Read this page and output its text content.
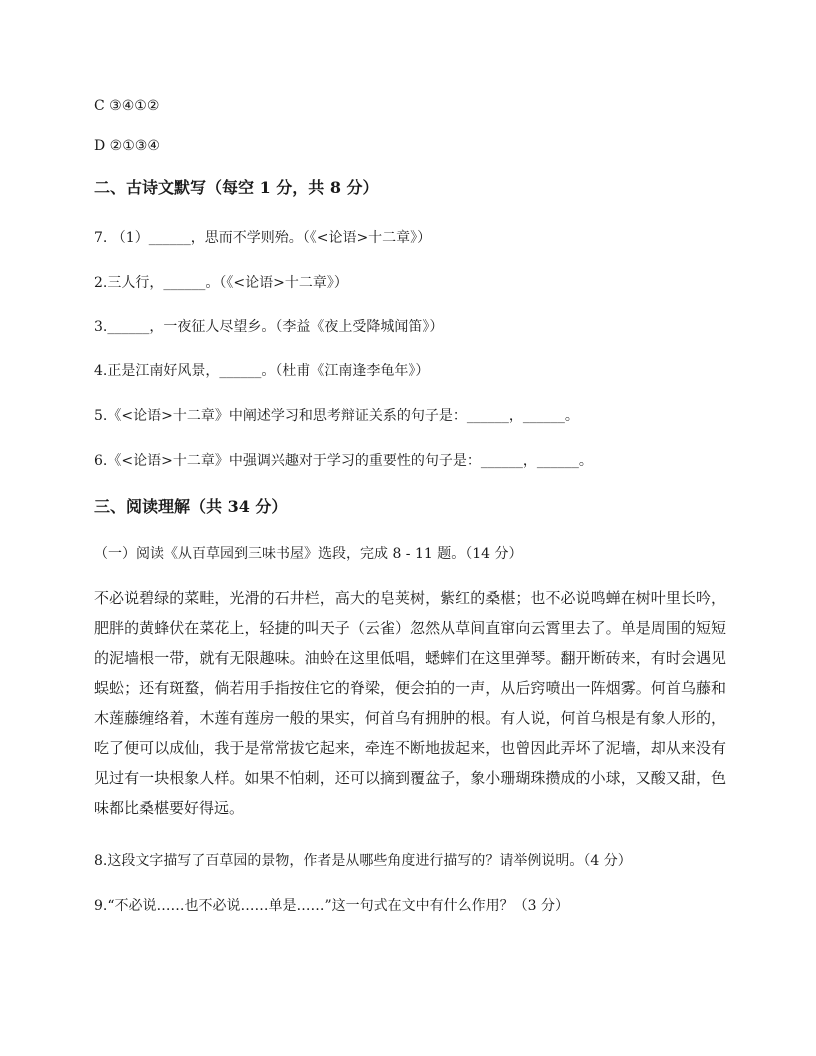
C ③④①②
D ②①③④
二、古诗文默写（每空 1 分，共 8 分）
7. （1）______，思而不学则殆。（《<论语>十二章》）
2.三人行，______。（《<论语>十二章》）
3.______，一夜征人尽望乡。（李益《夜上受降城闻笛》）
4.正是江南好风景，______。（杜甫《江南逢李龟年》）
5.《<论语>十二章》中阐述学习和思考辩证关系的句子是：______，______。
6.《<论语>十二章》中强调兴趣对于学习的重要性的句子是：______，______。
三、阅读理解（共 34 分）
（一）阅读《从百草园到三味书屋》选段，完成 8 - 11 题。（14 分）
不必说碧绿的菜畦，光滑的石井栏，高大的皂荚树，紫红的桑椹；也不必说鸣蝉在树叶里长吟，肥胖的黄蜂伏在菜花上，轻捷的叫天子（云雀）忽然从草间直窜向云霄里去了。单是周围的短短的泥墙根一带，就有无限趣味。油蛉在这里低唱，蟋蟀们在这里弹琴。翻开断砖来，有时会遇见蜈蚣；还有斑蝥，倘若用手指按住它的脊梁，便会拍的一声，从后窍喷出一阵烟雾。何首乌藤和木莲藤缠络着，木莲有莲房一般的果实，何首乌有拥肿的根。有人说，何首乌根是有象人形的，吃了便可以成仙，我于是常常拔它起来，牵连不断地拔起来，也曾因此弄坏了泥墙，却从来没有见过有一块根象人样。如果不怕刺，还可以摘到覆盆子，象小珊瑚珠攒成的小球，又酸又甜，色味都比桑椹要好得远。
8.这段文字描写了百草园的景物，作者是从哪些角度进行描写的？请举例说明。（4 分）
9.“不必说……也不必说……单是……”这一句式在文中有什么作用？（3 分）
